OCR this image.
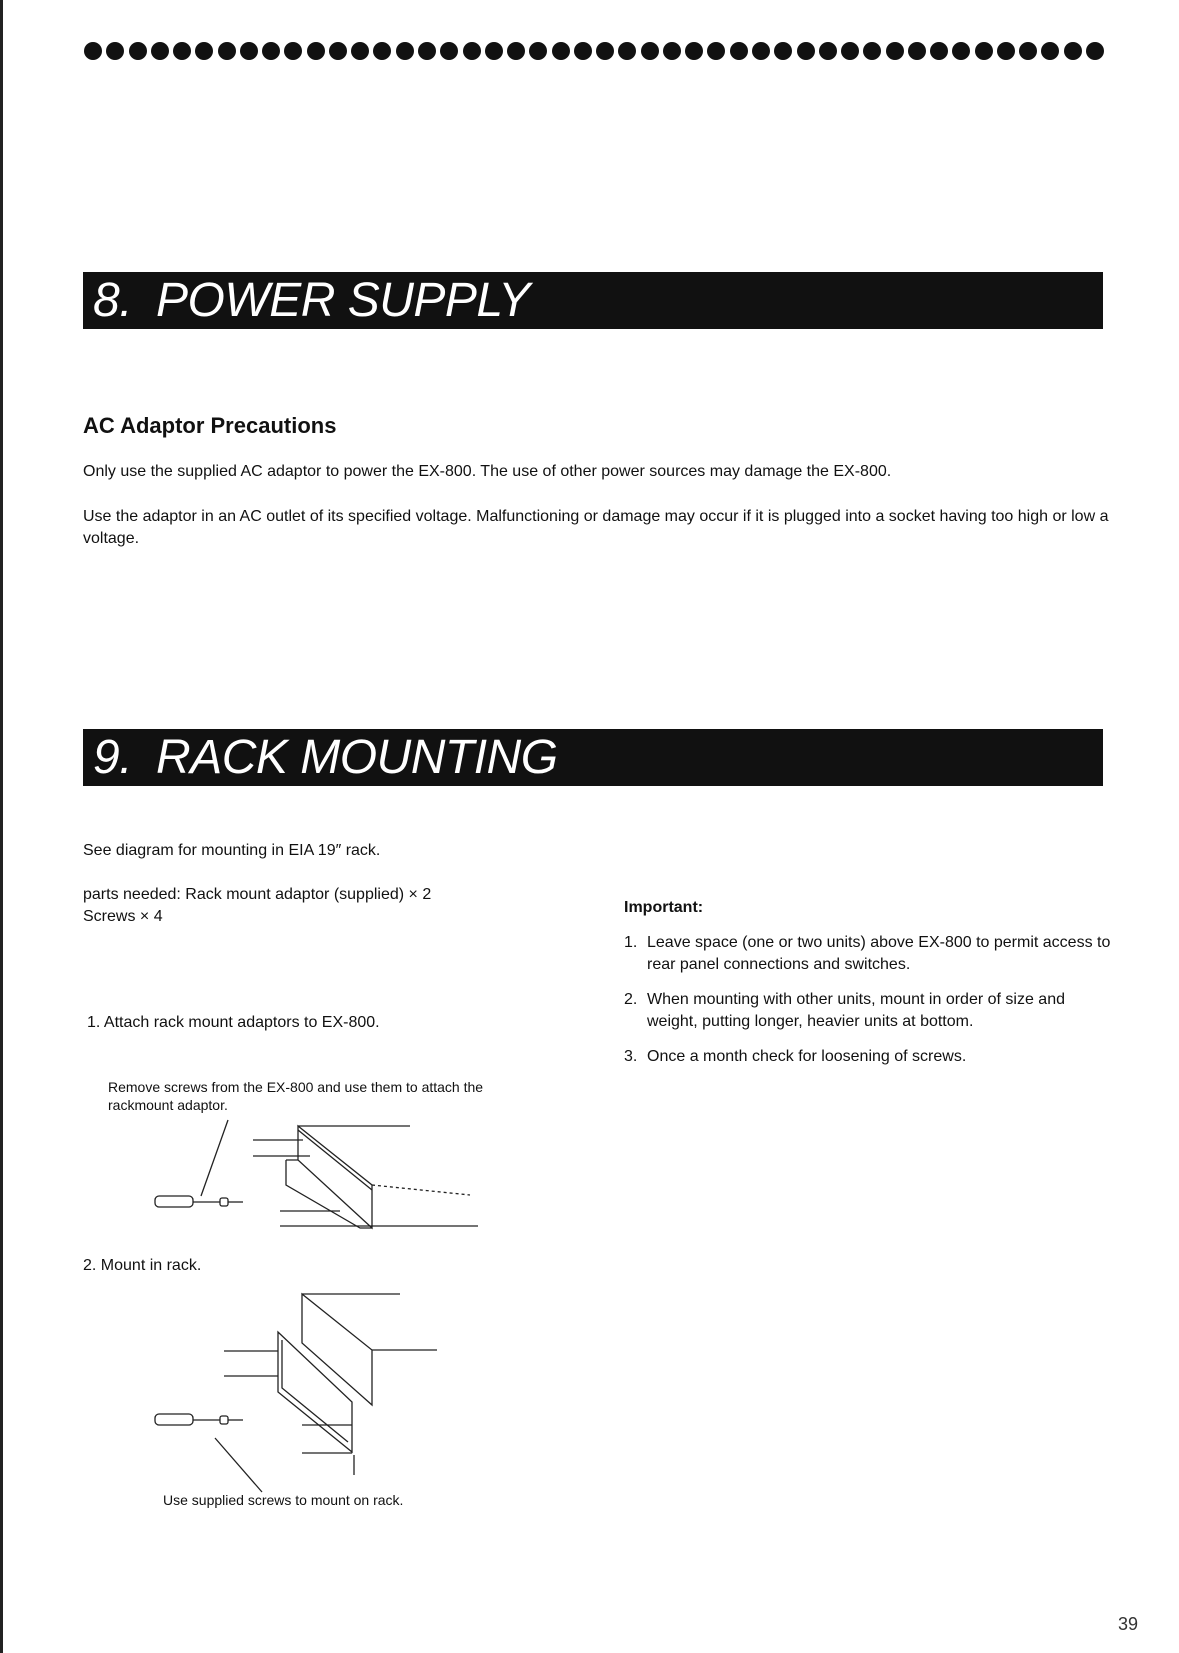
8. POWER SUPPLY
AC Adaptor Precautions
Only use the supplied AC adaptor to power the EX-800. The use of other power sources may damage the EX-800.
Use the adaptor in an AC outlet of its specified voltage. Malfunctioning or damage may occur if it is plugged into a socket having too high or low a voltage.
9. RACK MOUNTING
See diagram for mounting in EIA 19″ rack.
parts needed: Rack mount adaptor (supplied) × 2
Screws × 4
1. Attach rack mount adaptors to EX-800.
Remove screws from the EX-800 and use them to attach the rackmount adaptor.
2. Mount in rack.
Use supplied screws to mount on rack.
Important:
1. Leave space (one or two units) above EX-800 to permit access to rear panel connections and switches.
2. When mounting with other units, mount in order of size and weight, putting longer, heavier units at bottom.
3. Once a month check for loosening of screws.
39
